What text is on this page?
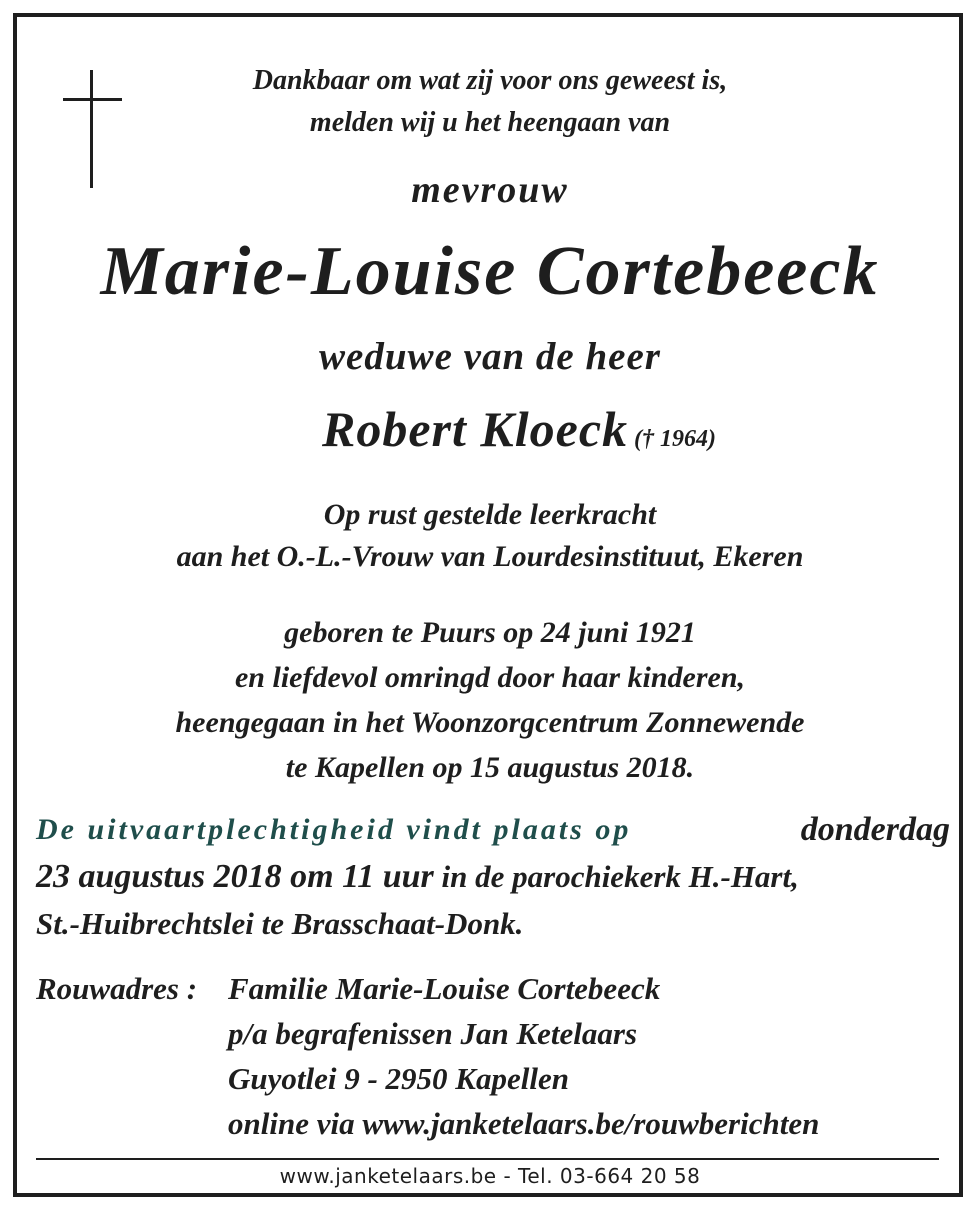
Dankbaar om wat zij voor ons geweest is,
melden wij u het heengaan van
mevrouw
Marie-Louise Cortebeeck
weduwe van de heer
Robert Kloeck († 1964)
Op rust gestelde leerkracht
aan het O.-L.-Vrouw van Lourdesinstituut, Ekeren
geboren te Puurs op 24 juni 1921
en liefdevol omringd door haar kinderen,
heengegaan in het Woonzorgcentrum Zonnewende
te Kapellen op 15 augustus 2018.
De uitvaartplechtigheid vindt plaats op	donderdag
23 augustus 2018 om 11 uur in de parochiekerk H.-Hart,
St.-Huibrechtslei te Brasschaat-Donk.
Rouwadres : Familie Marie-Louise Cortebeeck
p/a begrafenissen Jan Ketelaars
Guyotlei 9 - 2950 Kapellen
online via www.janketelaars.be/rouwberichten
www.janketelaars.be - Tel. 03-664 20 58
